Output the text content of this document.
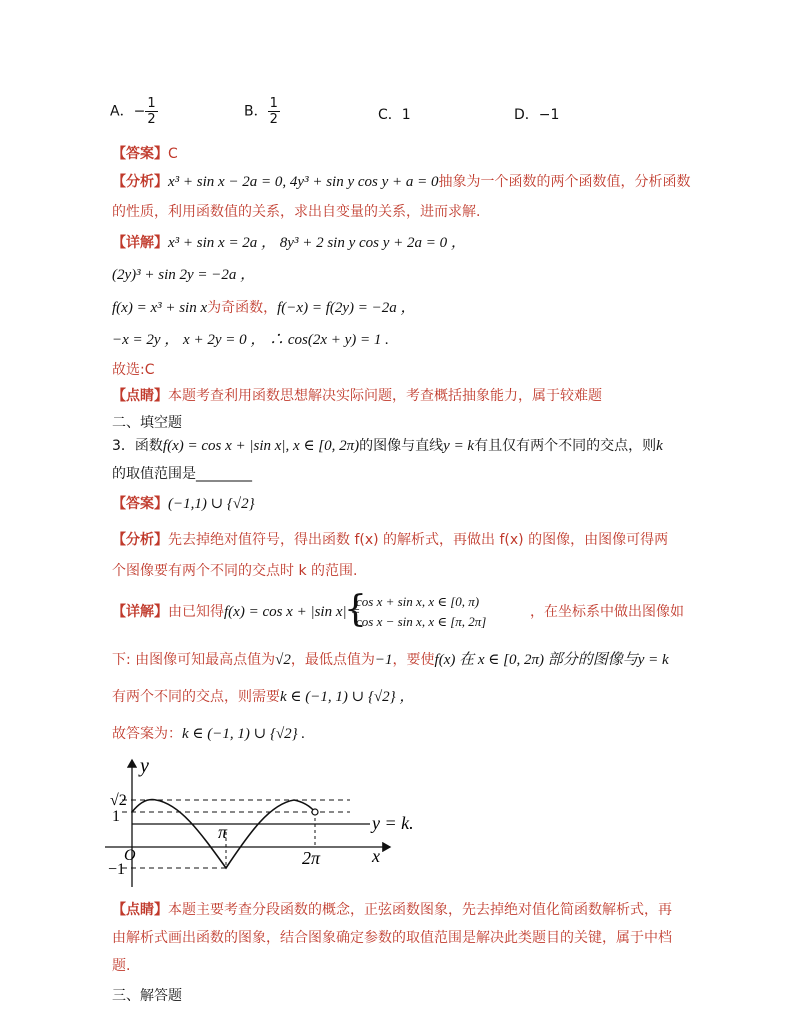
A．− $\frac{1}{2}$	B． $\frac{1}{2}$	C．1	D．−1
【答案】C
【分析】x³ + sin x − 2a = 0, 4y³ + sin y cos y + a = 0抽象为一个函数的两个函数值，分析函数
的性质，利用函数值的关系，求出自变量的关系，进而求解.
【详解】x³ + sin x = 2a ， 8y³ + 2 sin y cos y + 2a = 0 ，
(2y)³ + sin 2y = −2a ，
f(x) = x³ + sin x为奇函数，f(−x) = f(2y) = −2a ，
−x = 2y ， x + 2y = 0 ， ∴ cos(2x + y) = 1 .
故选:C
【点睛】本题考查利用函数思想解决实际问题，考查概括抽象能力，属于较难题
二、填空题
3．函数f(x) = cos x + |sin x|, x ∈ [0, 2π)的图像与直线y = k有且仅有两个不同的交点，则k
的取值范围是________
【答案】(−1,1) ∪ {√2}
【分析】先去掉绝对值符号，得出函数 f(x) 的解析式，再做出 f(x) 的图像，由图像可得两
个图像要有两个不同的交点时 k 的范围.
【详解】由已知得f(x) = cos x + |sin x| =
{
cos x + sin x, x ∈ [0, π)
cos x − sin x, x ∈ [π, 2π]
，在坐标系中做出图像如
下: 由图像可知最高点值为√2，最低点值为−1，要使f(x) 在 x ∈ [0, 2π) 部分的图像与y = k
有两个不同的交点，则需要k ∈ (−1, 1) ∪ {√2} ，
故答案为：k ∈ (−1, 1) ∪ {√2} .
y
x
√2
1
−1
O
π
2π
y = k.
【点睛】本题主要考查分段函数的概念，正弦函数图象，先去掉绝对值化简函数解析式，再
由解析式画出函数的图象，结合图象确定参数的取值范围是解决此类题目的关键，属于中档
题.
三、解答题
